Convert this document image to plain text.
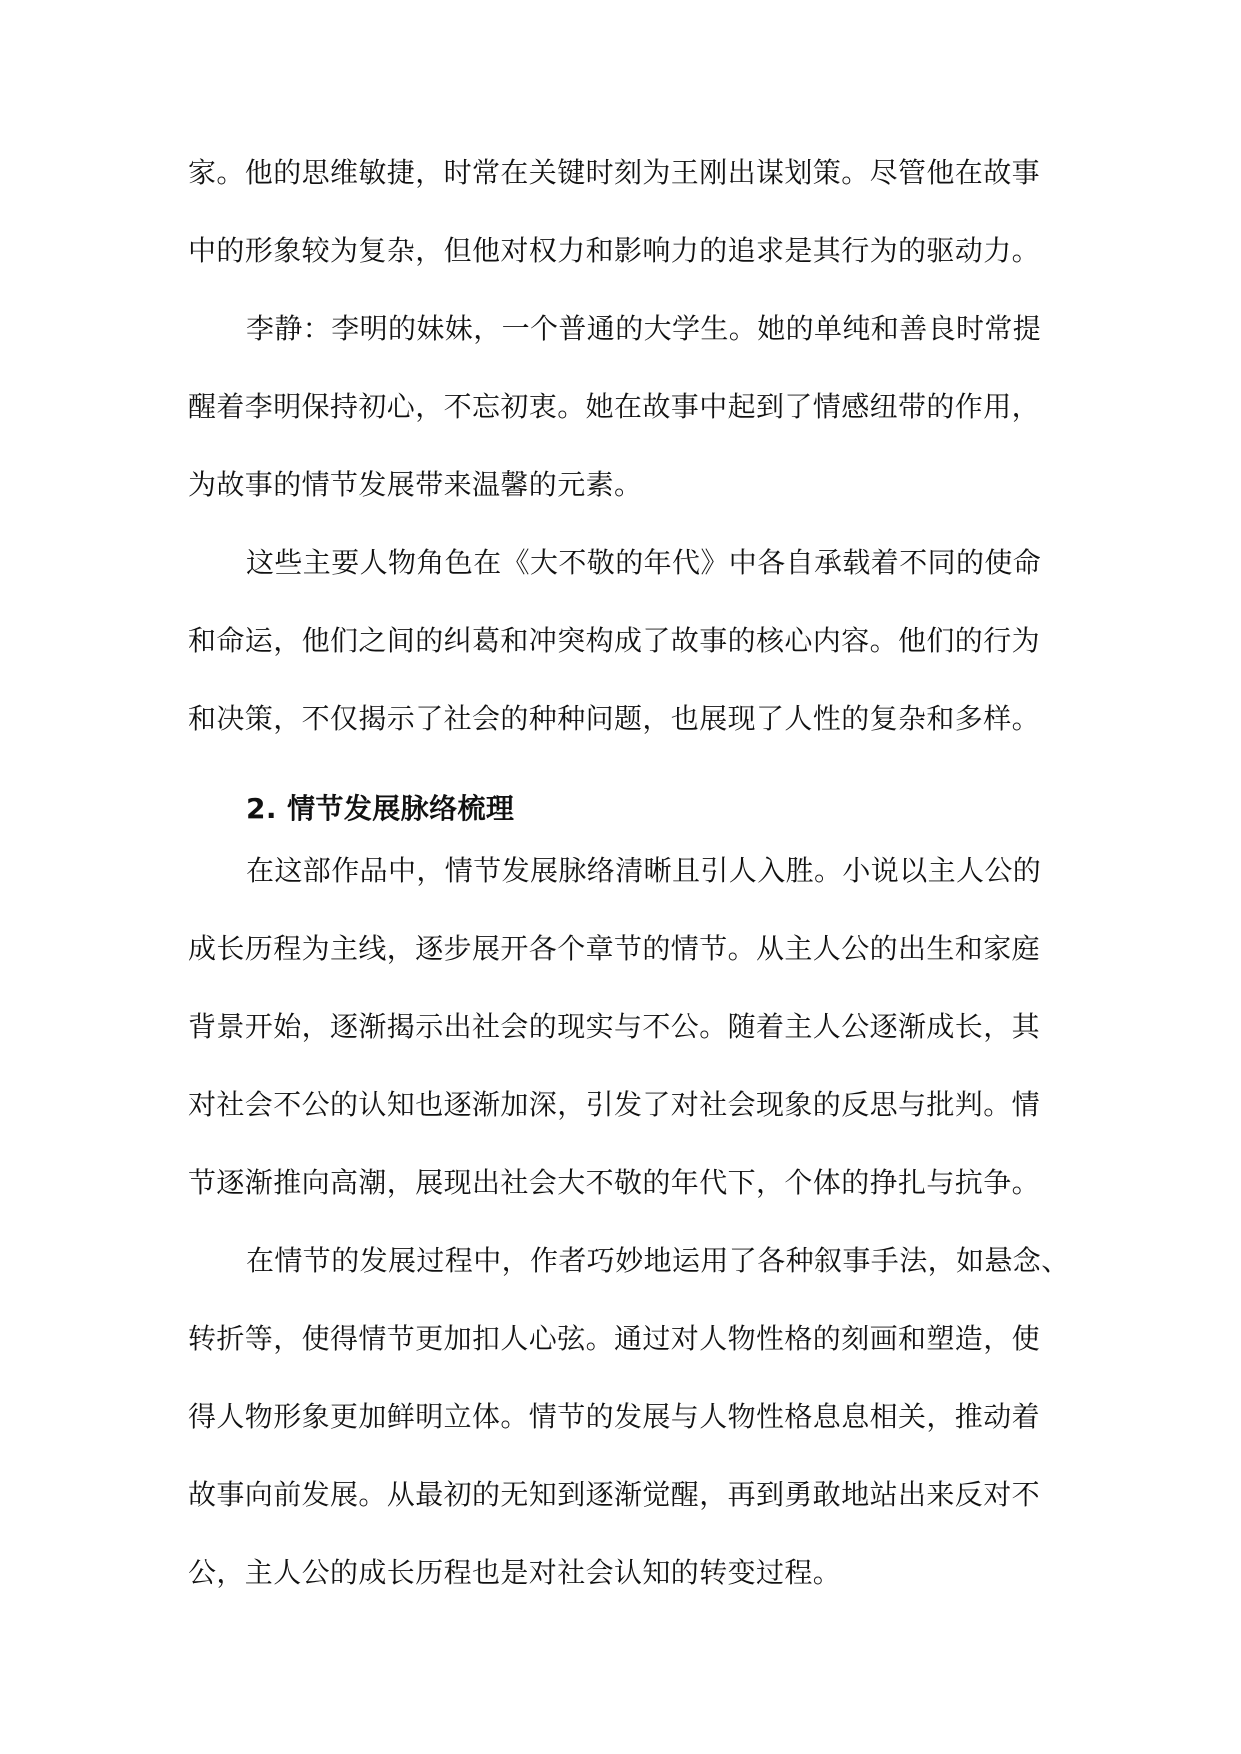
家。他的思维敏捷，时常在关键时刻为王刚出谋划策。尽管他在故事
中的形象较为复杂，但他对权力和影响力的追求是其行为的驱动力。
李静：李明的妹妹，一个普通的大学生。她的单纯和善良时常提
醒着李明保持初心，不忘初衷。她在故事中起到了情感纽带的作用，
为故事的情节发展带来温馨的元素。
这些主要人物角色在《大不敬的年代》中各自承载着不同的使命
和命运，他们之间的纠葛和冲突构成了故事的核心内容。他们的行为
和决策，不仅揭示了社会的种种问题，也展现了人性的复杂和多样。
2. 情节发展脉络梳理
在这部作品中，情节发展脉络清晰且引人入胜。小说以主人公的
成长历程为主线，逐步展开各个章节的情节。从主人公的出生和家庭
背景开始，逐渐揭示出社会的现实与不公。随着主人公逐渐成长，其
对社会不公的认知也逐渐加深，引发了对社会现象的反思与批判。情
节逐渐推向高潮，展现出社会大不敬的年代下，个体的挣扎与抗争。
在情节的发展过程中，作者巧妙地运用了各种叙事手法，如悬念、
转折等，使得情节更加扣人心弦。通过对人物性格的刻画和塑造，使
得人物形象更加鲜明立体。情节的发展与人物性格息息相关，推动着
故事向前发展。从最初的无知到逐渐觉醒，再到勇敢地站出来反对不
公，主人公的成长历程也是对社会认知的转变过程。
